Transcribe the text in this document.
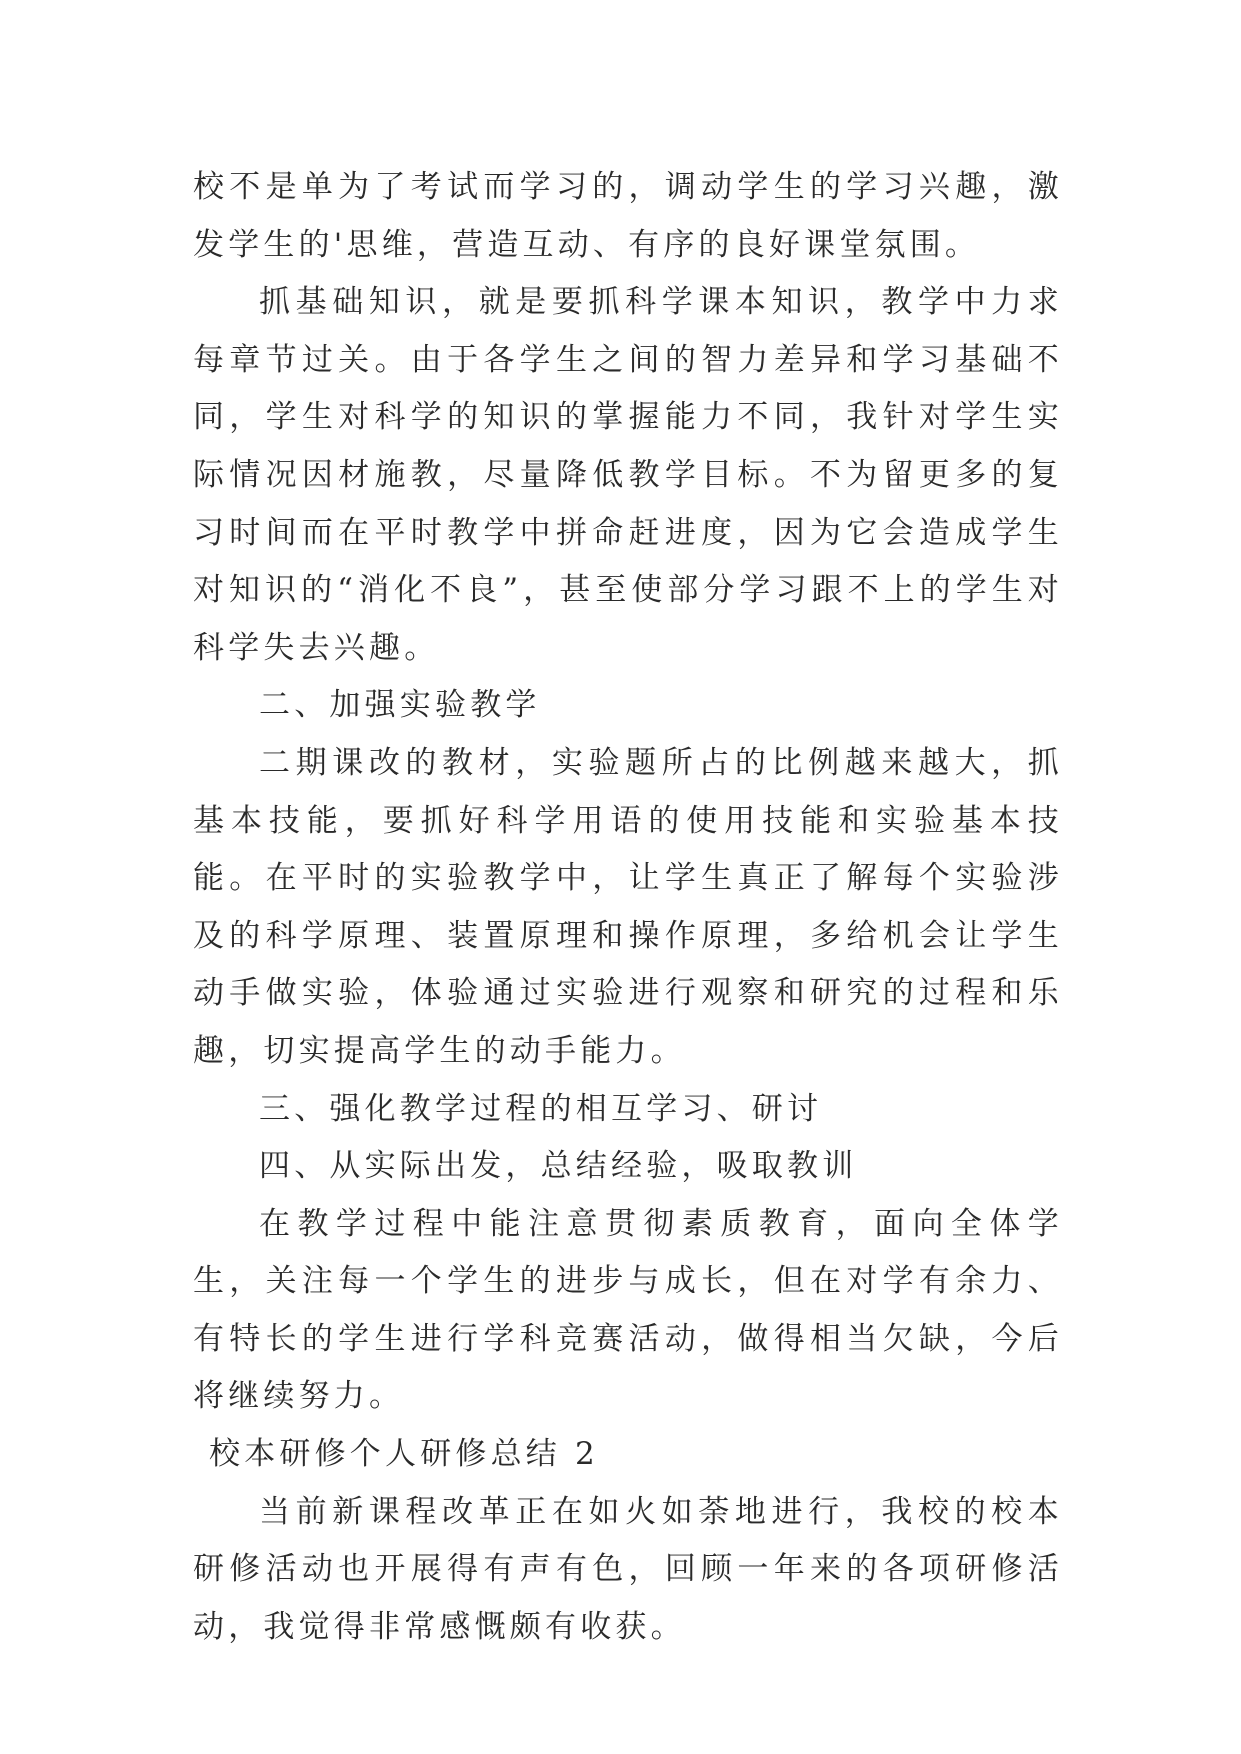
校不是单为了考试而学习的，调动学生的学习兴趣，激发学生的'思维，营造互动、有序的良好课堂氛围。

抓基础知识，就是要抓科学课本知识，教学中力求每章节过关。由于各学生之间的智力差异和学习基础不同，学生对科学的知识的掌握能力不同，我针对学生实际情况因材施教，尽量降低教学目标。不为留更多的复习时间而在平时教学中拼命赶进度，因为它会造成学生对知识的“消化不良”，甚至使部分学习跟不上的学生对科学失去兴趣。

二、加强实验教学

二期课改的教材，实验题所占的比例越来越大，抓基本技能，要抓好科学用语的使用技能和实验基本技能。在平时的实验教学中，让学生真正了解每个实验涉及的科学原理、装置原理和操作原理，多给机会让学生动手做实验，体验通过实验进行观察和研究的过程和乐趣，切实提高学生的动手能力。

三、强化教学过程的相互学习、研讨

四、从实际出发，总结经验，吸取教训

在教学过程中能注意贯彻素质教育，面向全体学生，关注每一个学生的进步与成长，但在对学有余力、有特长的学生进行学科竞赛活动，做得相当欠缺，今后将继续努力。

校本研修个人研修总结 2

当前新课程改革正在如火如荼地进行，我校的校本研修活动也开展得有声有色，回顾一年来的各项研修活动，我觉得非常感慨颇有收获。
